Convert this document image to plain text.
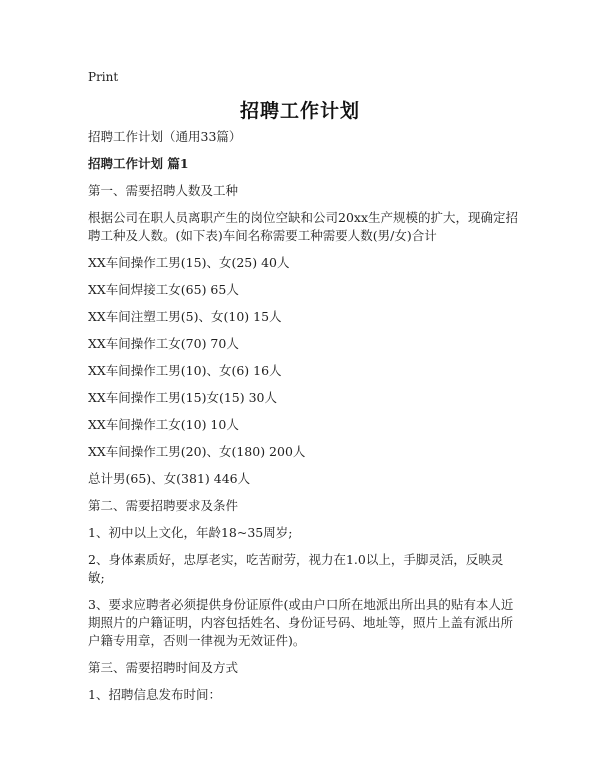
Print
招聘工作计划

招聘工作计划（通用33篇）

招聘工作计划 篇1

第一、需要招聘人数及工种

根据公司在职人员离职产生的岗位空缺和公司20xx生产规模的扩大，现确定招聘工种及人数。(如下表)车间名称需要工种需要人数(男/女)合计

XX车间操作工男(15)、女(25) 40人

XX车间焊接工女(65) 65人

XX车间注塑工男(5)、女(10) 15人

XX车间操作工女(70) 70人

XX车间操作工男(10)、女(6) 16人

XX车间操作工男(15)女(15) 30人

XX车间操作工女(10) 10人

XX车间操作工男(20)、女(180) 200人

总计男(65)、女(381) 446人

第二、需要招聘要求及条件

1、初中以上文化，年龄18~35周岁;

2、身体素质好，忠厚老实，吃苦耐劳，视力在1.0以上，手脚灵活，反映灵敏;

3、要求应聘者必须提供身份证原件(或由户口所在地派出所出具的贴有本人近期照片的户籍证明，内容包括姓名、身份证号码、地址等，照片上盖有派出所户籍专用章，否则一律视为无效证件)。

第三、需要招聘时间及方式

1、招聘信息发布时间：
